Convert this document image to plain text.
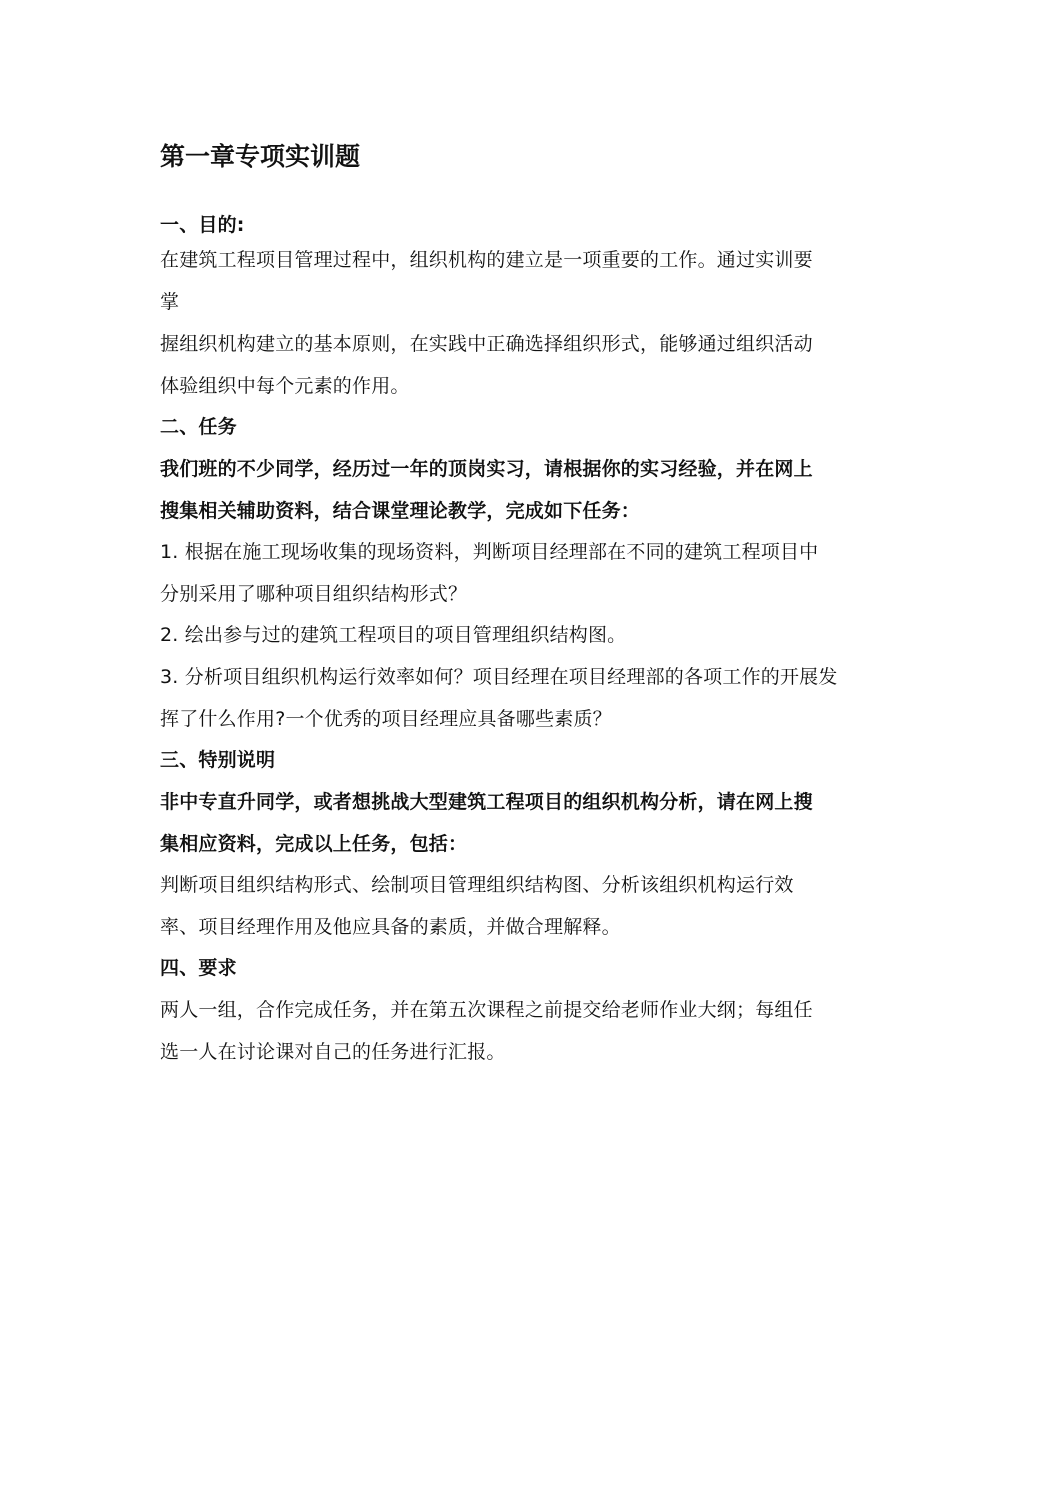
第一章专项实训题
一、目的:
在建筑工程项目管理过程中，组织机构的建立是一项重要的工作。通过实训要
掌
握组织机构建立的基本原则，在实践中正确选择组织形式，能够通过组织活动
体验组织中每个元素的作用。
二、任务
我们班的不少同学，经历过一年的顶岗实习，请根据你的实习经验，并在网上
搜集相关辅助资料，结合课堂理论教学，完成如下任务：
1. 根据在施工现场收集的现场资料，判断项目经理部在不同的建筑工程项目中
分别采用了哪种项目组织结构形式？
2. 绘出参与过的建筑工程项目的项目管理组织结构图。
3. 分析项目组织机构运行效率如何？项目经理在项目经理部的各项工作的开展发
挥了什么作用?一个优秀的项目经理应具备哪些素质？
三、特别说明
非中专直升同学，或者想挑战大型建筑工程项目的组织机构分析，请在网上搜
集相应资料，完成以上任务，包括：
判断项目组织结构形式、绘制项目管理组织结构图、分析该组织机构运行效
率、项目经理作用及他应具备的素质，并做合理解释。
四、要求
两人一组，合作完成任务，并在第五次课程之前提交给老师作业大纲；每组任
选一人在讨论课对自己的任务进行汇报。
